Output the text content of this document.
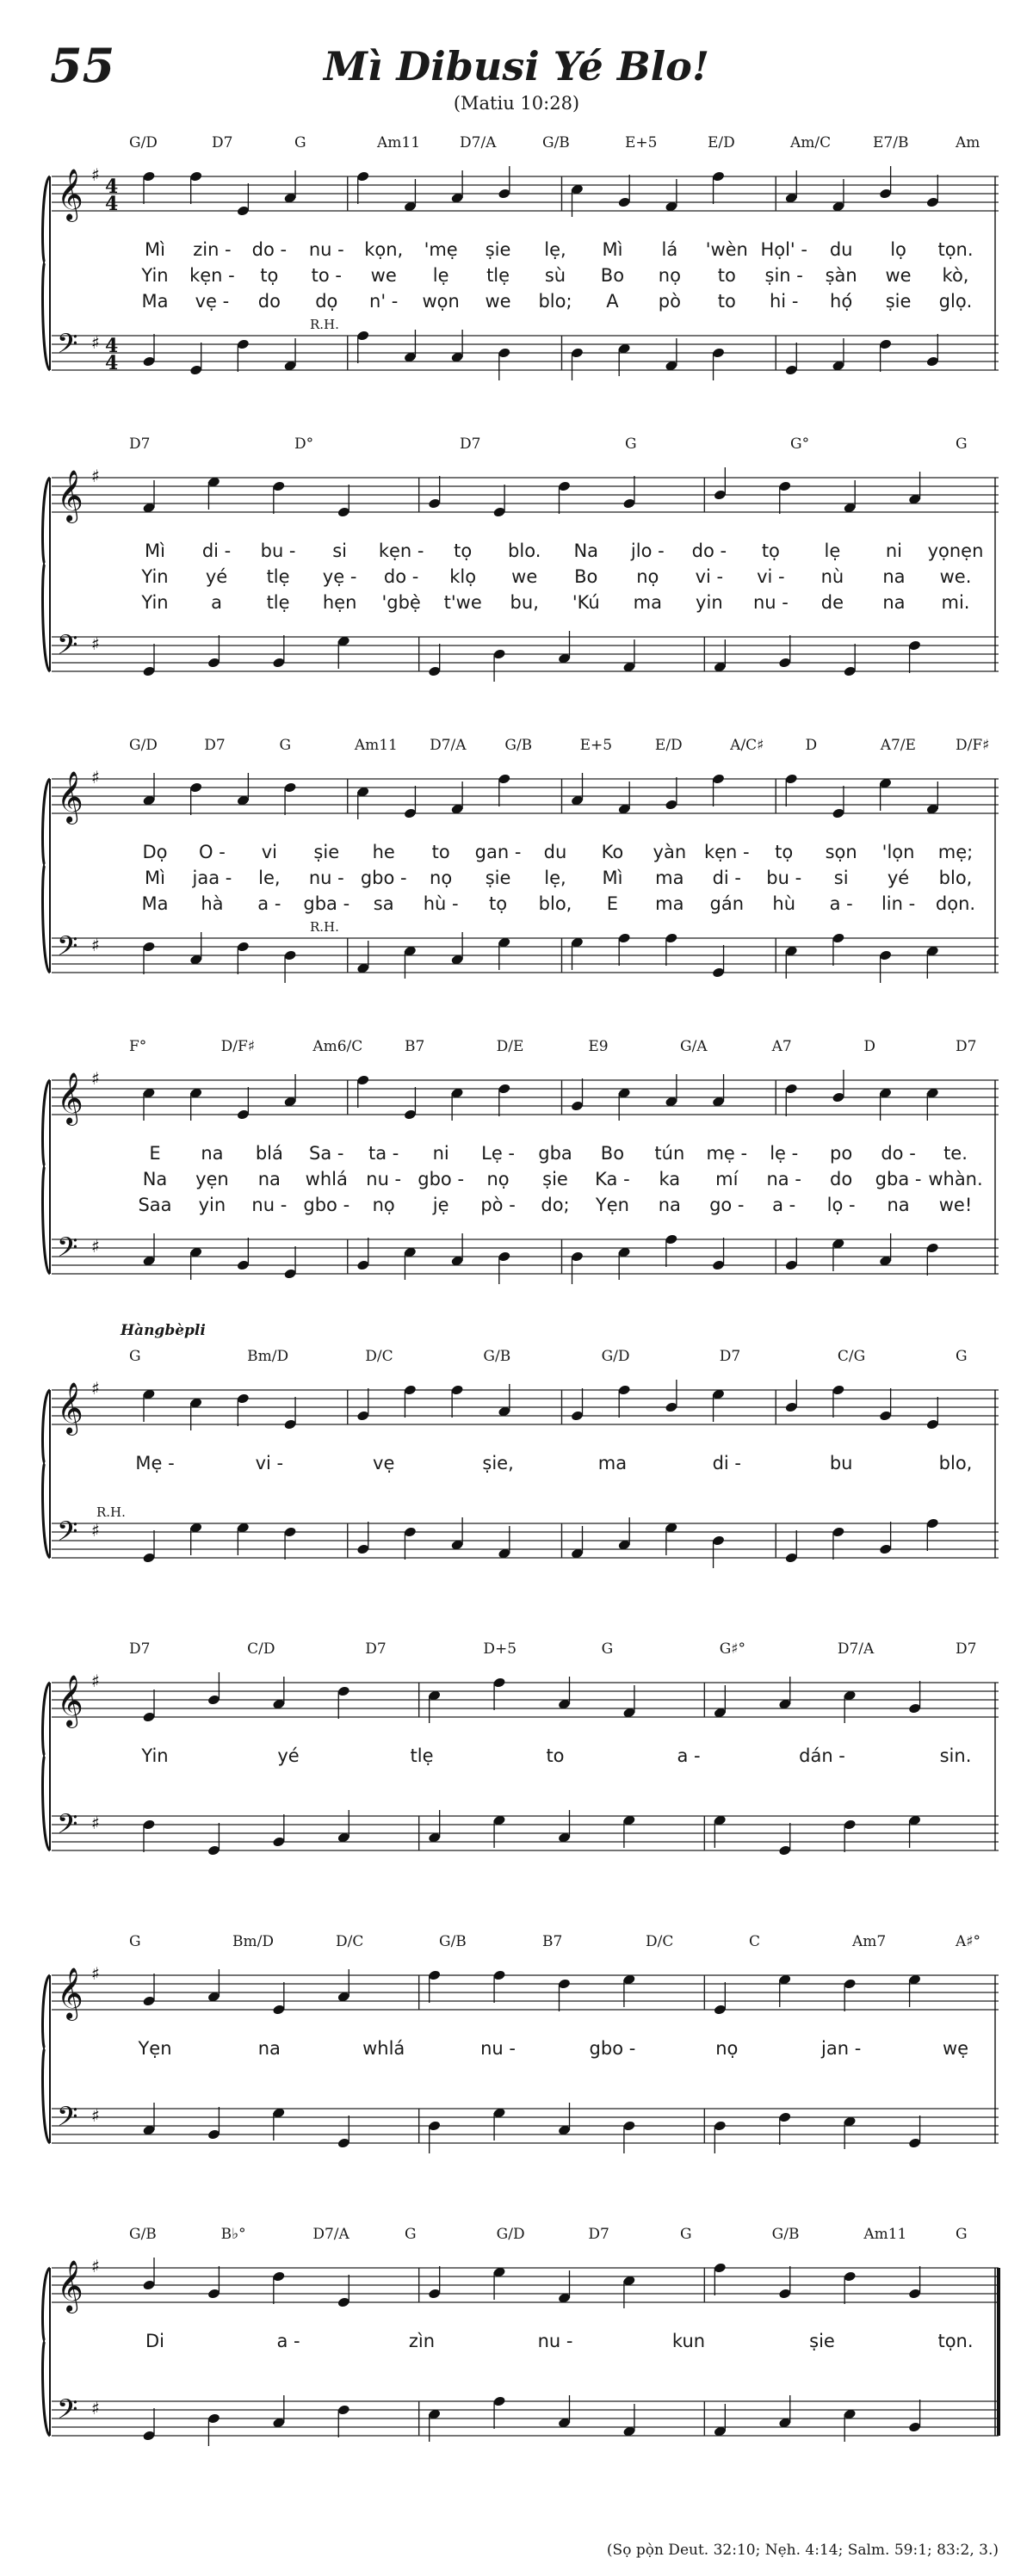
55	Mì Dibusi Yé Blo!
(Matiu 10:28)
G/D	D7	G	Am11	D7/A	G/B	E+5	E/D	Am/C	E7/B	Am
𝄞 ♯
4
4
Mì zin - do - nu - kọn, 'mẹ ṣie lẹ, Mì lá 'wèn Họl' - du lọ tọn.
Yin kẹn - tọ to - we lẹ tlẹ sù Bo nọ to ṣin - ṣàn we kò,
Ma vẹ - do dọ n' - wọn we blo; A pò to hi - họ́ ṣie glọ.
𝄢 ♯ 4
4
R.H.
D7	D°	D7	G	G°	G
𝄞 ♯
Mì di - bu - si kẹn - tọ blo. Na jlo - do - tọ lẹ	ni yọnẹn
Yin yé tlẹ yẹ - do - klọ we Bo nọ vi - vi - nù na we.
Yin a tlẹ hẹn 'gbẹ̀ t'we bu, 'Kú ma yin nu - de na mi.
𝄢 ♯
G/D	D7	G	Am11 D7/A	G/B	E+5	E/D	A/C♯	D	A7/E	D/F♯
𝄞 ♯
Dọ O - vi ṣie he to gan - du Ko yàn kẹn - tọ sọn 'lọn mẹ;
Mì jaa - le, nu - gbo - nọ ṣie lẹ, Mì ma di - bu - si yé blo,
Ma hà a - gba - sa hù - tọ blo, E ma gán hù a - lin - dọn.
𝄢 ♯
R.H.
F°	D/F♯	Am6/C	B7	D/E	E9	G/A	A7	D	D7
𝄞 ♯
E na blá Sa - ta - ni Lẹ - gba Bo tún mẹ - lẹ - po do - te.
Na yẹn na whlá nu - gbo - nọ ṣie Ka - ka mí na - do gba - whàn.
Saa yin nu - gbo - nọ jẹ pò - do; Yẹn na go - a - lọ - na we!
𝄢 ♯
Hàngbèpli
G	Bm/D	D/C	G/B	G/D	D7	C/G	G
𝄞 ♯
Mẹ -	vi -	vẹ	ṣie,	ma	di -	bu	blo,
𝄢 ♯
R.H.
D7	C/D	D7	D+5	G	G♯°	D7/A	D7
𝄞 ♯
Yin	yé	tlẹ	to	a -	dán -	sin.
𝄢 ♯
G	Bm/D	D/C	G/B	B7	D/C	C	Am7	A♯°
𝄞 ♯
Yẹn	na	whlá	nu -	gbo -	nọ	jan -	wẹ
𝄢 ♯
G/B	B♭°	D7/A	G	G/D	D7	G	G/B	Am11	G
𝄞 ♯
Di	a -	zìn	nu -	kun	ṣie	tọn.
𝄢 ♯
(Sọ pọ̀n Deut. 32:10; Nẹh. 4:14; Salm. 59:1; 83:2, 3.)
